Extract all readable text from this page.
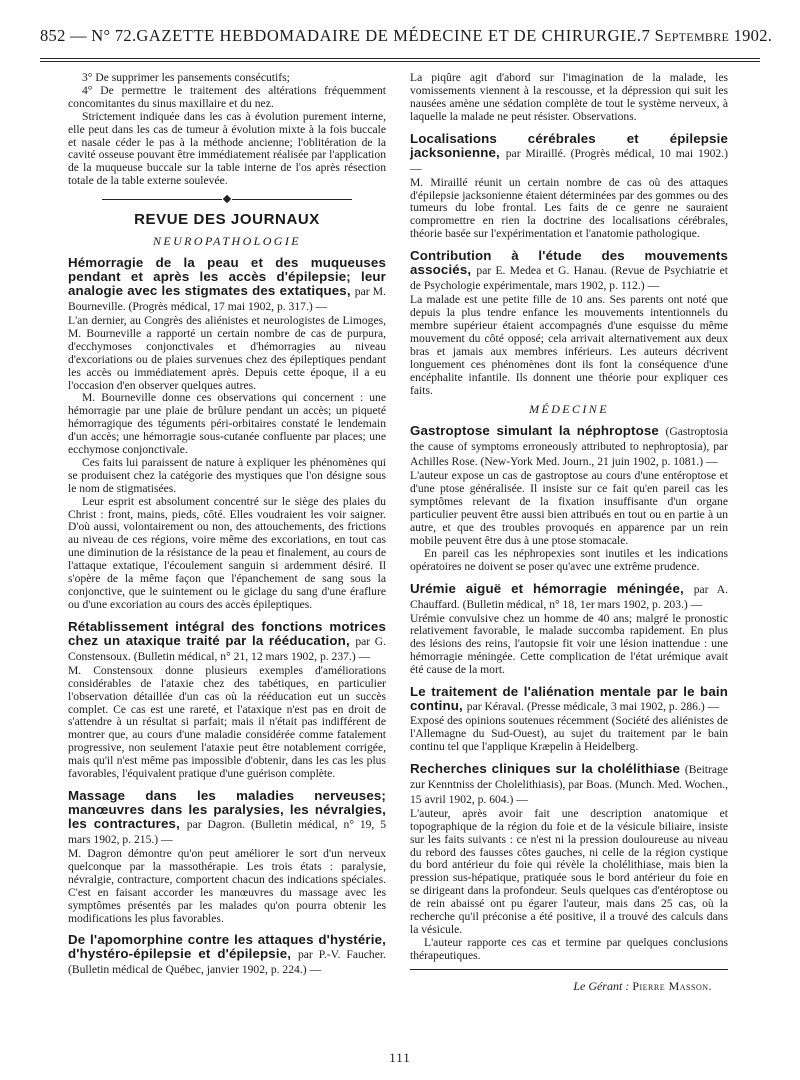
852 — N° 72. GAZETTE HEBDOMADAIRE DE MÉDECINE ET DE CHIRURGIE. 7 Septembre 1902.

3° De supprimer les pansements consécutifs;

4° De permettre le traitement des altérations fréquemment concomitantes du sinus maxillaire et du nez.

Strictement indiquée dans les cas à évolution purement interne, elle peut dans les cas de tumeur à évolution mixte à la fois buccale et nasale céder le pas à la méthode ancienne; l'oblitération de la cavité osseuse pouvant être immédiatement réalisée par l'application de la muqueuse buccale sur la table interne de l'os après résection totale de la table externe soulevée.

REVUE DES JOURNAUX
NEUROPATHOLOGIE
Hémorragie de la peau et des muqueuses pendant et après les accès d'épilepsie; leur analogie avec les stigmates des extatiques, par M. Bourneville. (Progrès médical, 17 mai 1902, p. 317.) —

L'an dernier, au Congrès des aliénistes et neurologistes de Limoges, M. Bourneville a rapporté un certain nombre de cas de purpura, d'ecchymoses conjonctivales et d'hémorragies au niveau d'excoriations ou de plaies survenues chez des épileptiques pendant les accès ou immédiatement après. Depuis cette époque, il a eu l'occasion d'en observer quelques autres.

M. Bourneville donne ces observations qui concernent : une hémorragie par une plaie de brûlure pendant un accès; un piqueté hémorragique des téguments péri-orbitaires constaté le lendemain d'un accès; une hémorragie sous-cutanée confluente par places; une ecchymose conjonctivale.

Ces faits lui paraissent de nature à expliquer les phénomènes qui se produisent chez la catégorie des mystiques que l'on désigne sous le nom de stigmatisées.

Leur esprit est absolument concentré sur le siège des plaies du Christ : front, mains, pieds, côté. Elles voudraient les voir saigner. D'où aussi, volontairement ou non, des attouchements, des frictions au niveau de ces régions, voire même des excoriations, en tout cas une diminution de la résistance de la peau et finalement, au cours de l'attaque extatique, l'écoulement sanguin si ardemment désiré. Il s'opère de la même façon que l'épanchement de sang sous la conjonctive, que le suintement ou le giclage du sang d'une éraflure ou d'une excoriation au cours des accès épileptiques.

Rétablissement intégral des fonctions motrices chez un ataxique traité par la rééducation, par G. Constensoux. (Bulletin médical, n° 21, 12 mars 1902, p. 237.) —

M. Constensoux donne plusieurs exemples d'améliorations considérables de l'ataxie chez des tabétiques, en particulier l'observation détaillée d'un cas où la rééducation eut un succès complet. Ce cas est une rareté, et l'ataxique n'est pas en droit de s'attendre à un résultat si parfait; mais il n'était pas indifférent de montrer que, au cours d'une maladie considérée comme fatalement progressive, non seulement l'ataxie peut être notablement corrigée, mais qu'il n'est même pas impossible d'obtenir, dans les cas les plus favorables, l'équivalent pratique d'une guérison complète.

Massage dans les maladies nerveuses; manœuvres dans les paralysies, les névralgies, les contractures, par Dagron. (Bulletin médical, n° 19, 5 mars 1902, p. 215.) —

M. Dagron démontre qu'on peut améliorer le sort d'un nerveux quelconque par la massothérapie. Les trois états : paralysie, névralgie, contracture, comportent chacun des indications spéciales. C'est en faisant accorder les manœuvres du massage avec les symptômes présentés par les malades qu'on pourra obtenir les modifications les plus favorables.

De l'apomorphine contre les attaques d'hystérie, d'hystéro-épilepsie et d'épilepsie, par P.-V. Faucher. (Bulletin médical de Québec, janvier 1902, p. 224.) —

La piqûre agit d'abord sur l'imagination de la malade, les vomissements viennent à la rescousse, et la dépression qui suit les nausées amène une sédation complète de tout le système nerveux, à laquelle la malade ne peut résister. Observations.

Localisations cérébrales et épilepsie jacksonienne, par Miraillé. (Progrès médical, 10 mai 1902.) —

M. Miraillé réunit un certain nombre de cas où des attaques d'épilepsie jacksonienne étaient déterminées par des gommes ou des tumeurs du lobe frontal. Les faits de ce genre ne sauraient compromettre en rien la doctrine des localisations cérébrales, théorie basée sur l'expérimentation et l'anatomie pathologique.

Contribution à l'étude des mouvements associés, par E. Medea et G. Hanau. (Revue de Psychiatrie et de Psychologie expérimentale, mars 1902, p. 112.) —

La malade est une petite fille de 10 ans. Ses parents ont noté que depuis la plus tendre enfance les mouvements intentionnels du membre supérieur étaient accompagnés d'une esquisse du même mouvement du côté opposé; cela arrivait alternativement aux deux bras et jamais aux membres inférieurs. Les auteurs décrivent longuement ces phénomènes dont ils font la conséquence d'une encéphalite infantile. Ils donnent une théorie pour expliquer ces faits.

MÉDECINE
Gastroptose simulant la néphroptose (Gastroptosia the cause of symptoms erroneously attributed to nephroptosia), par Achilles Rose. (New-York Med. Journ., 21 juin 1902, p. 1081.) —

L'auteur expose un cas de gastroptose au cours d'une entéroptose et d'une ptose généralisée. Il insiste sur ce fait qu'en pareil cas les symptômes relevant de la fixation insuffisante d'un organe particulier peuvent être aussi bien attribués en tout ou en partie à un autre, et que des troubles provoqués en apparence par un rein mobile peuvent être dus à une ptose stomacale.

En pareil cas les néphropexies sont inutiles et les indications opératoires ne doivent se poser qu'avec une extrême prudence.

Urémie aiguë et hémorragie méningée, par A. Chauffard. (Bulletin médical, n° 18, 1er mars 1902, p. 203.) —

Urémie convulsive chez un homme de 40 ans; malgré le pronostic relativement favorable, le malade succomba rapidement. En plus des lésions des reins, l'autopsie fit voir une lésion inattendue : une hémorragie méningée. Cette complication de l'état urémique avait été cause de la mort.

Le traitement de l'aliénation mentale par le bain continu, par Kéraval. (Presse médicale, 3 mai 1902, p. 286.) —

Exposé des opinions soutenues récemment (Société des aliénistes de l'Allemagne du Sud-Ouest), au sujet du traitement par le bain continu tel que l'applique Kræpelin à Heidelberg.

Recherches cliniques sur la cholélithiase (Beitrage zur Kenntniss der Cholelithiasis), par Boas. (Munch. Med. Wochen., 15 avril 1902, p. 604.) —

L'auteur, après avoir fait une description anatomique et topographique de la région du foie et de la vésicule biliaire, insiste sur les faits suivants : ce n'est ni la pression douloureuse au niveau du rebord des fausses côtes gauches, ni celle de la région cystique du bord antérieur du foie qui révèle la cholélithiase, mais bien la pression sus-hépatique, pratiquée sous le bord antérieur du foie en se dirigeant dans la profondeur. Seuls quelques cas d'entéroptose ou de rein abaissé ont pu égarer l'auteur, mais dans 25 cas, où la recherche qu'il préconise a été positive, il a trouvé des calculs dans la vésicule.

L'auteur rapporte ces cas et termine par quelques conclusions thérapeutiques.

Le Gérant : Pierre Masson.
111
